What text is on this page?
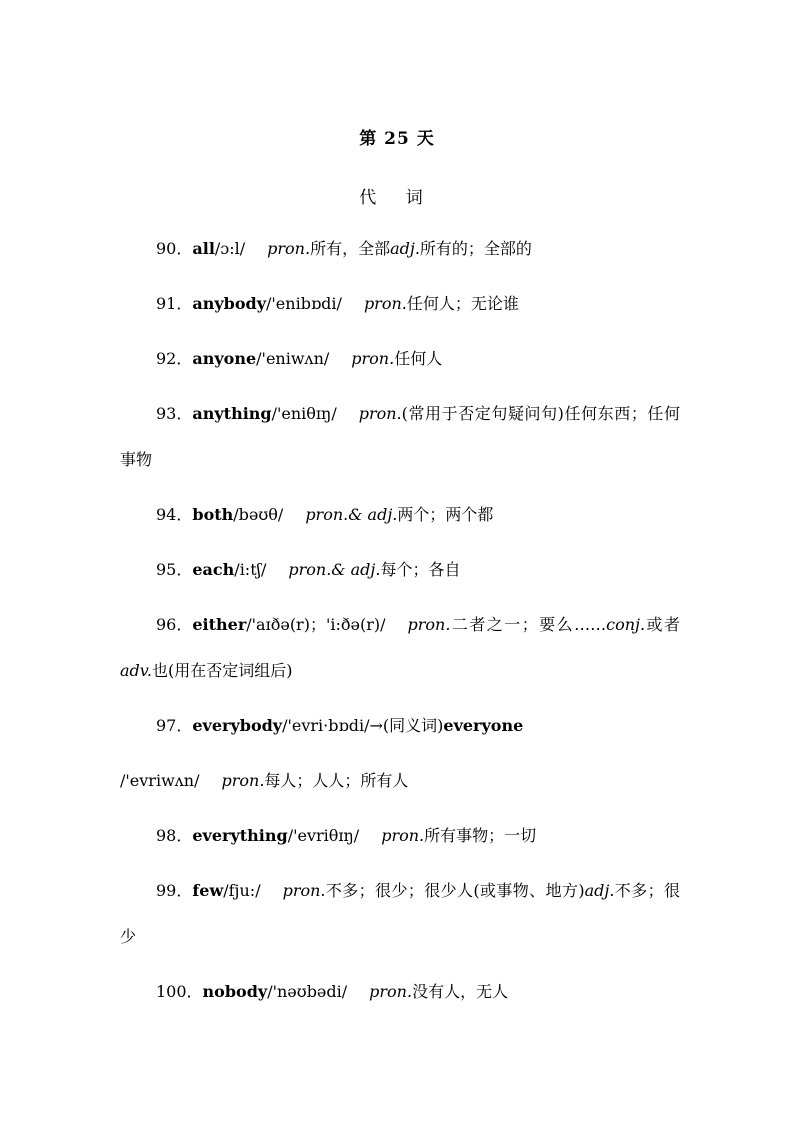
第 25 天
代 词
90．all/ɔ:l/ pron.所有，全部adj.所有的；全部的
91．anybody/'enibɒdi/ pron.任何人；无论谁
92．anyone/'eniwʌn/ pron.任何人
93．anything/'eniθɪŋ/ pron.(常用于否定句疑问句)任何东西；任何事物
94．both/bəʊθ/ pron.& adj.两个；两个都
95．each/i:tʃ/ pron.& adj.每个；各自
96．either/'aɪðə(r)；'i:ðə(r)/ pron.二者之一；要么……conj.或者 adv.也(用在否定词组后)
97．everybody/'evri·bɒdi/→(同义词)everyone
/'evriwʌn/ pron.每人；人人；所有人
98．everything/'evriθɪŋ/ pron.所有事物；一切
99．few/fju:/ pron.不多；很少；很少人(或事物、地方)adj.不多；很少
100．nobody/'nəʊbədi/ pron.没有人，无人
